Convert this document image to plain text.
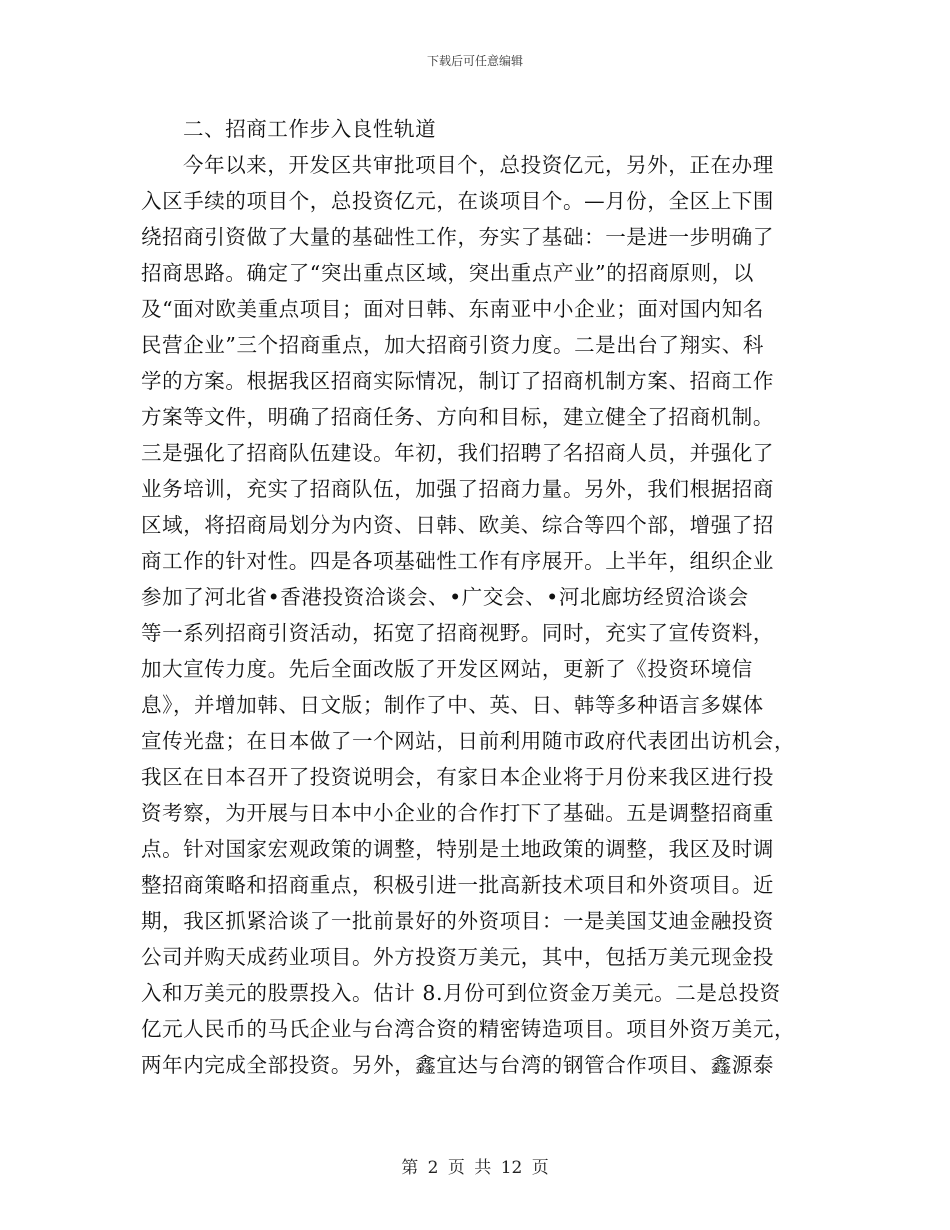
下载后可任意编辑
二、招商工作步入良性轨道
今年以来，开发区共审批项目个，总投资亿元，另外，正在办理
入区手续的项目个，总投资亿元，在谈项目个。—月份，全区上下围
绕招商引资做了大量的基础性工作，夯实了基础：一是进一步明确了
招商思路。确定了“突出重点区域，突出重点产业”的招商原则，以
及“面对欧美重点项目；面对日韩、东南亚中小企业；面对国内知名
民营企业”三个招商重点，加大招商引资力度。二是出台了翔实、科
学的方案。根据我区招商实际情况，制订了招商机制方案、招商工作
方案等文件，明确了招商任务、方向和目标，建立健全了招商机制。
三是强化了招商队伍建设。年初，我们招聘了名招商人员，并强化了
业务培训，充实了招商队伍，加强了招商力量。另外，我们根据招商
区域，将招商局划分为内资、日韩、欧美、综合等四个部，增强了招
商工作的针对性。四是各项基础性工作有序展开。上半年，组织企业
参加了河北省•香港投资洽谈会、•广交会、•河北廊坊经贸洽谈会
等一系列招商引资活动，拓宽了招商视野。同时，充实了宣传资料，
加大宣传力度。先后全面改版了开发区网站，更新了《投资环境信
息》，并增加韩、日文版；制作了中、英、日、韩等多种语言多媒体
宣传光盘；在日本做了一个网站，日前利用随市政府代表团出访机会，
我区在日本召开了投资说明会，有家日本企业将于月份来我区进行投
资考察，为开展与日本中小企业的合作打下了基础。五是调整招商重
点。针对国家宏观政策的调整，特别是土地政策的调整，我区及时调
整招商策略和招商重点，积极引进一批高新技术项目和外资项目。近
期，我区抓紧洽谈了一批前景好的外资项目：一是美国艾迪金融投资
公司并购天成药业项目。外方投资万美元，其中，包括万美元现金投
入和万美元的股票投入。估计 8.月份可到位资金万美元。二是总投资
亿元人民币的马氏企业与台湾合资的精密铸造项目。项目外资万美元，
两年内完成全部投资。另外，鑫宜达与台湾的钢管合作项目、鑫源泰
第 2 页 共 12 页
